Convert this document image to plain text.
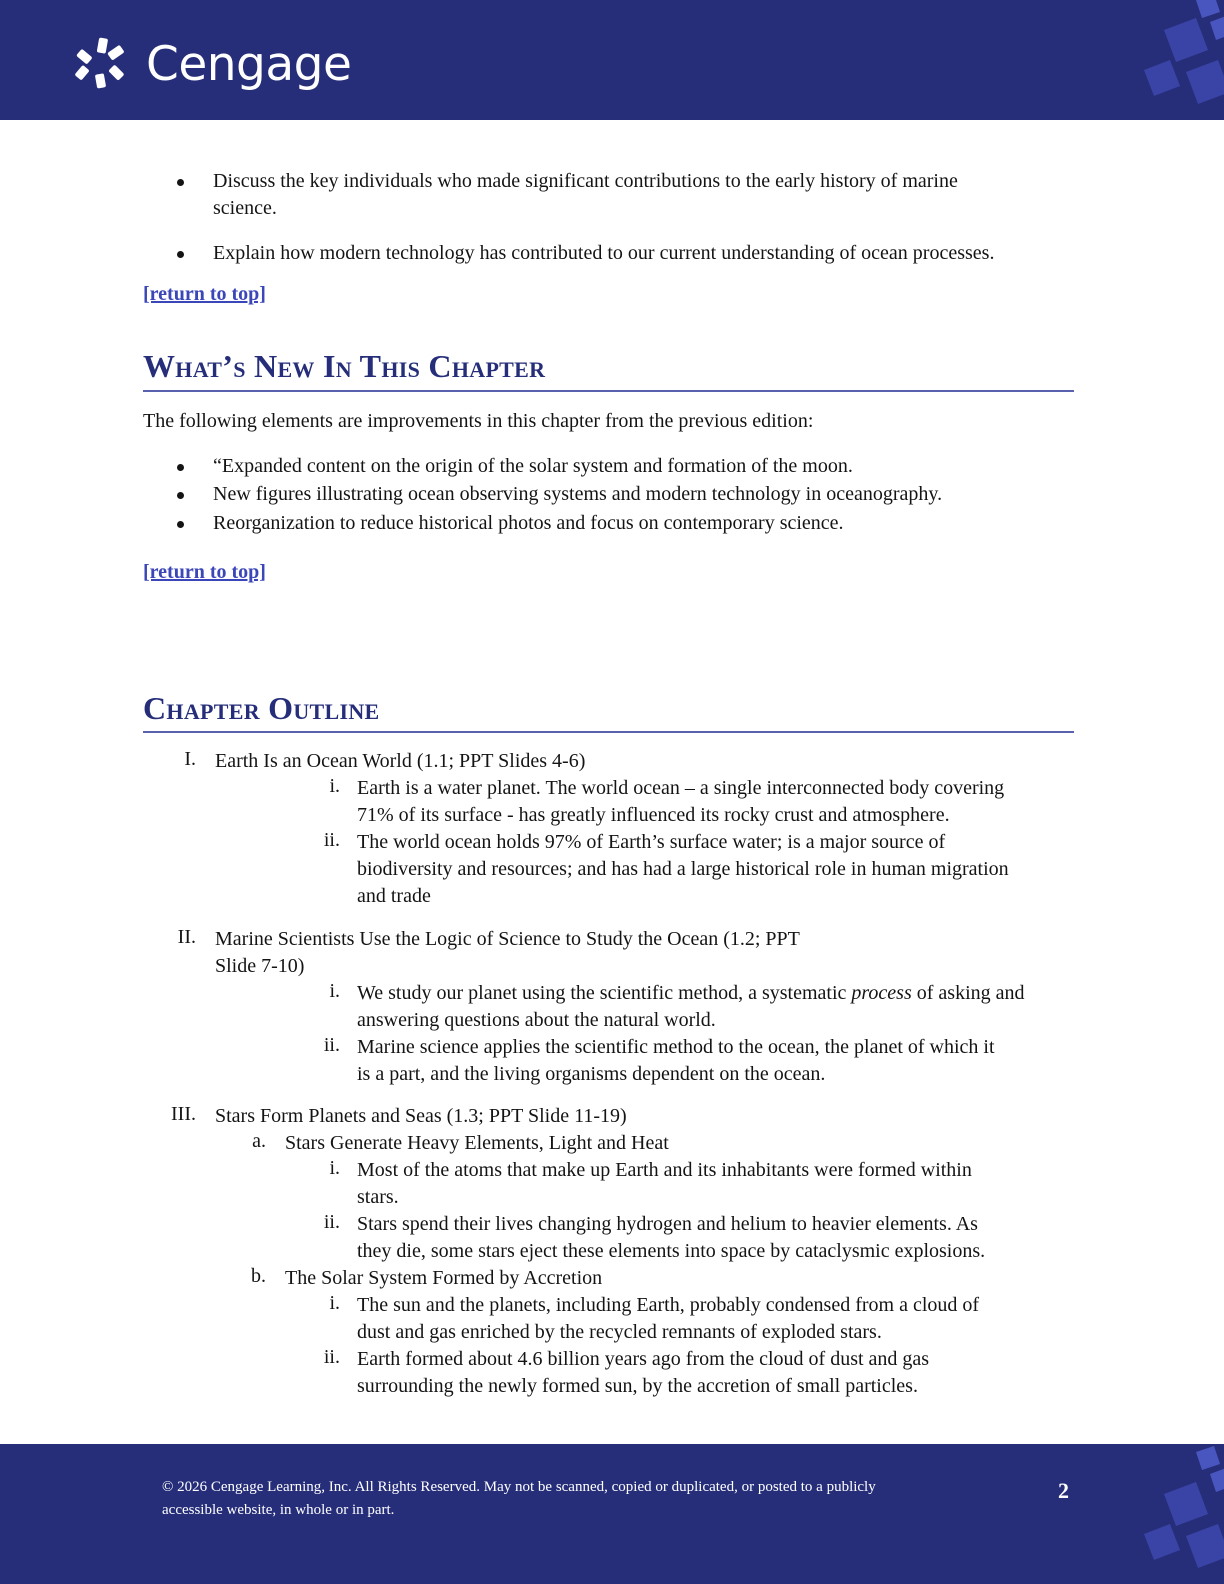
Cengage
Discuss the key individuals who made significant contributions to the early history of marine
science.
Explain how modern technology has contributed to our current understanding of ocean processes.
[return to top]
What’s New In This Chapter
The following elements are improvements in this chapter from the previous edition:
“Expanded content on the origin of the solar system and formation of the moon.
New figures illustrating ocean observing systems and modern technology in oceanography.
Reorganization to reduce historical photos and focus on contemporary science.
[return to top]
Chapter Outline
I. Earth Is an Ocean World (1.1; PPT Slides 4-6)
i. Earth is a water planet. The world ocean – a single interconnected body covering
71% of its surface - has greatly influenced its rocky crust and atmosphere.
ii. The world ocean holds 97% of Earth’s surface water; is a major source of
biodiversity and resources; and has had a large historical role in human migration
and trade
II. Marine Scientists Use the Logic of Science to Study the Ocean (1.2; PPT
Slide 7-10)
i. We study our planet using the scientific method, a systematic process of asking and
answering questions about the natural world.
ii. Marine science applies the scientific method to the ocean, the planet of which it
is a part, and the living organisms dependent on the ocean.
III. Stars Form Planets and Seas (1.3; PPT Slide 11-19)
a. Stars Generate Heavy Elements, Light and Heat
i. Most of the atoms that make up Earth and its inhabitants were formed within
stars.
ii. Stars spend their lives changing hydrogen and helium to heavier elements. As
they die, some stars eject these elements into space by cataclysmic explosions.
b. The Solar System Formed by Accretion
i. The sun and the planets, including Earth, probably condensed from a cloud of
dust and gas enriched by the recycled remnants of exploded stars.
ii. Earth formed about 4.6 billion years ago from the cloud of dust and gas
surrounding the newly formed sun, by the accretion of small particles.
© 2026 Cengage Learning, Inc. All Rights Reserved. May not be scanned, copied or duplicated, or posted to a publicly
accessible website, in whole or in part.
2
